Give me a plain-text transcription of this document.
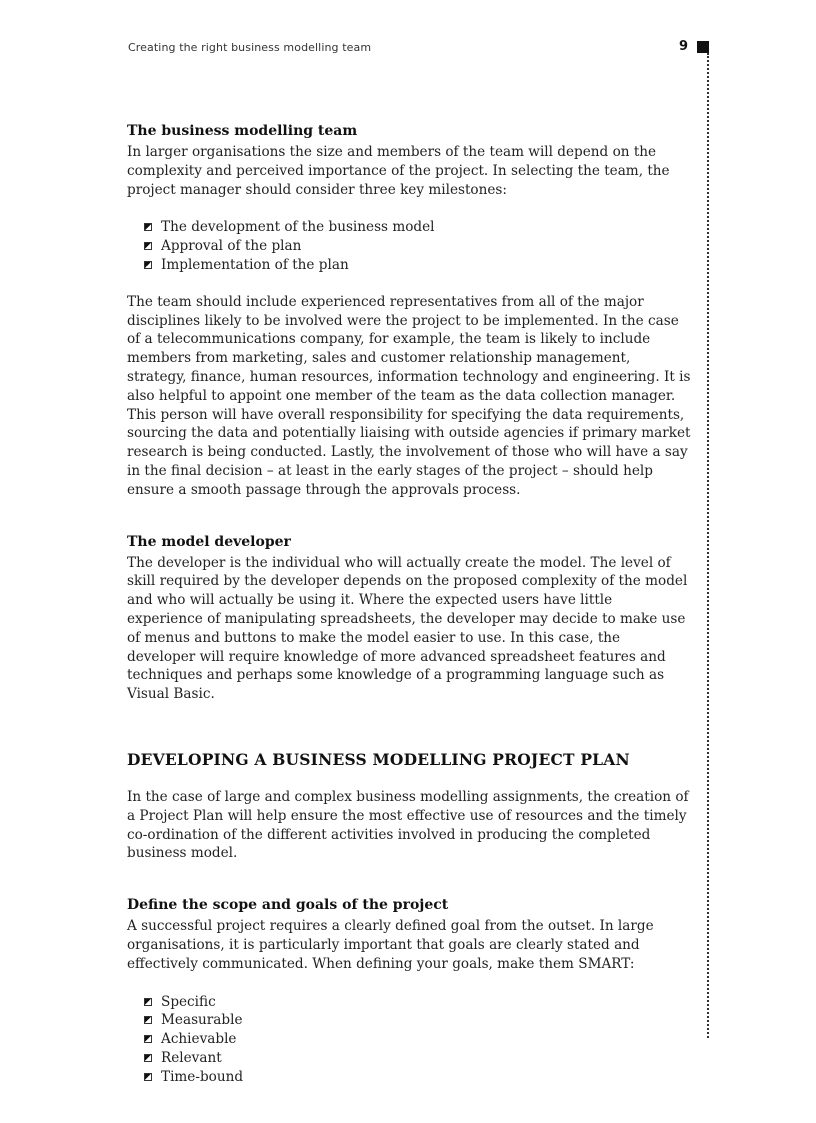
Creating the right business modelling team	9
The business modelling team

In larger organisations the size and members of the team will depend on the complexity and perceived importance of the project. In selecting the team, the project manager should consider three key milestones:

The development of the business model
Approval of the plan
Implementation of the plan

The team should include experienced representatives from all of the major disciplines likely to be involved were the project to be implemented. In the case of a telecommunications company, for example, the team is likely to include members from marketing, sales and customer relationship management, strategy, finance, human resources, information technology and engineering. It is also helpful to appoint one member of the team as the data collection manager. This person will have overall responsibility for specifying the data requirements, sourcing the data and potentially liaising with outside agencies if primary market research is being conducted. Lastly, the involvement of those who will have a say in the final decision – at least in the early stages of the project – should help ensure a smooth passage through the approvals process.

The model developer

The developer is the individual who will actually create the model. The level of skill required by the developer depends on the proposed complexity of the model and who will actually be using it. Where the expected users have little experience of manipulating spreadsheets, the developer may decide to make use of menus and buttons to make the model easier to use. In this case, the developer will require knowledge of more advanced spreadsheet features and techniques and perhaps some knowledge of a programming language such as Visual Basic.

DEVELOPING A BUSINESS MODELLING PROJECT PLAN

In the case of large and complex business modelling assignments, the creation of a Project Plan will help ensure the most effective use of resources and the timely co-ordination of the different activities involved in producing the completed business model.

Define the scope and goals of the project

A successful project requires a clearly defined goal from the outset. In large organisations, it is particularly important that goals are clearly stated and effectively communicated. When defining your goals, make them SMART:

Specific
Measurable
Achievable
Relevant
Time-bound
